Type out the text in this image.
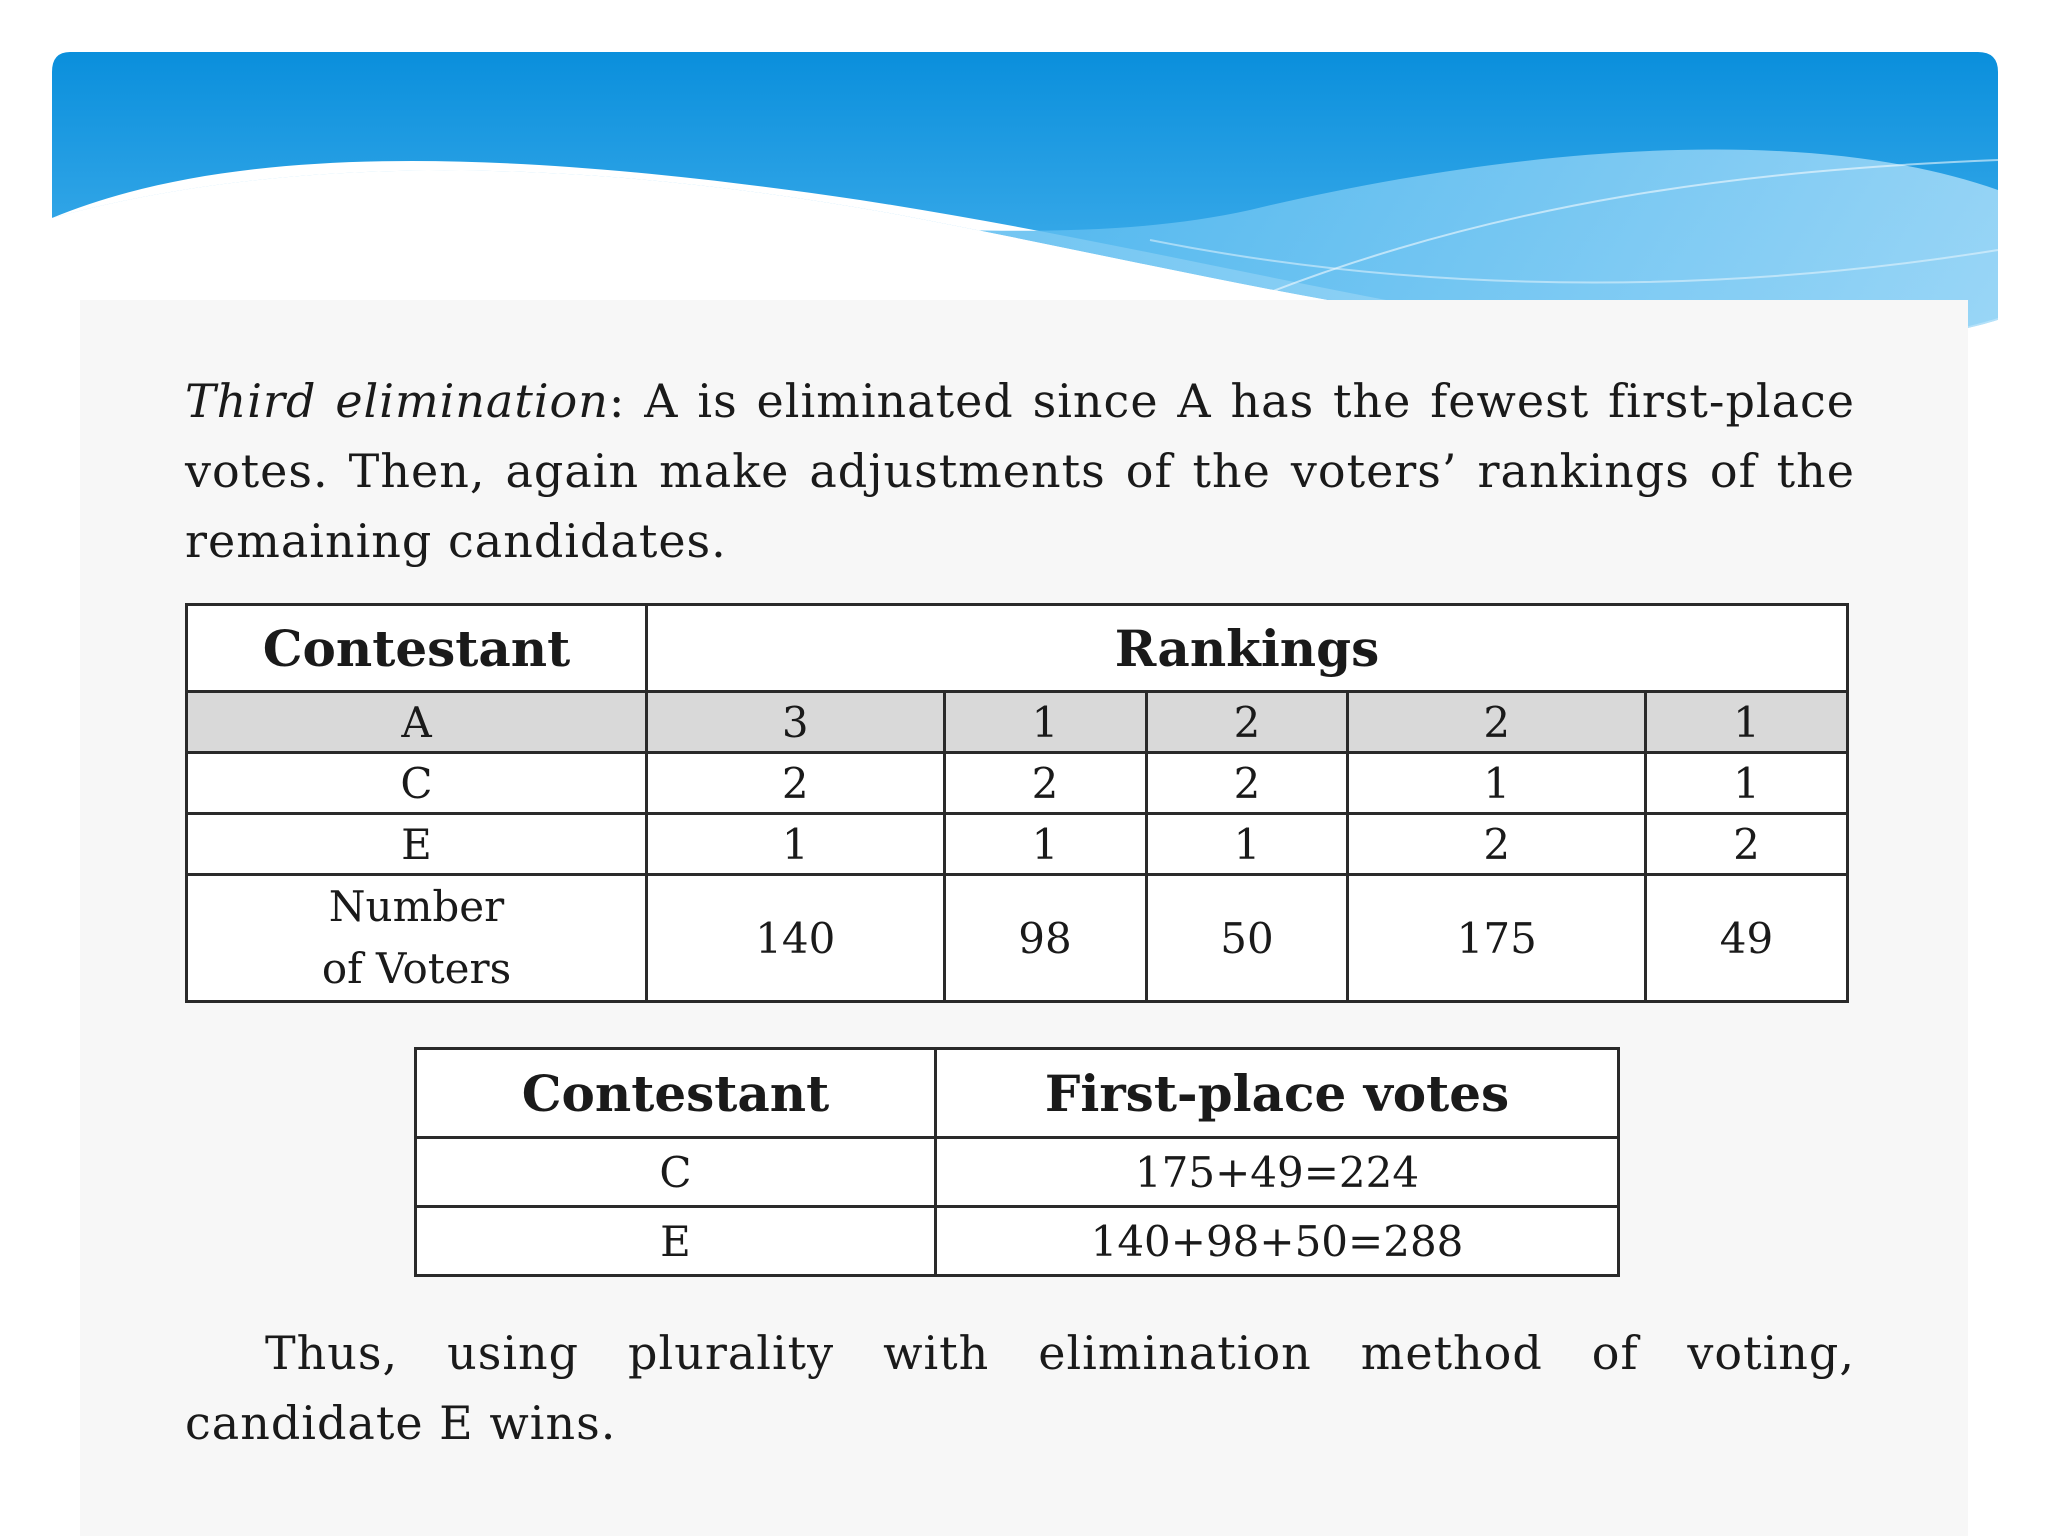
Third elimination: A is eliminated since A has the fewest first-place votes. Then, again make adjustments of the voters’ rankings of the remaining candidates.

Contestant	Rankings				
A	3	1	2	2	1
C	2	2	2	1	1
E	1	1	1	2	2
Number
of Voters	140	98	50	175	49
Contestant	First-place votes
C	175+49=224
E	140+98+50=288

Thus, using plurality with elimination method of voting, candidate E wins.
